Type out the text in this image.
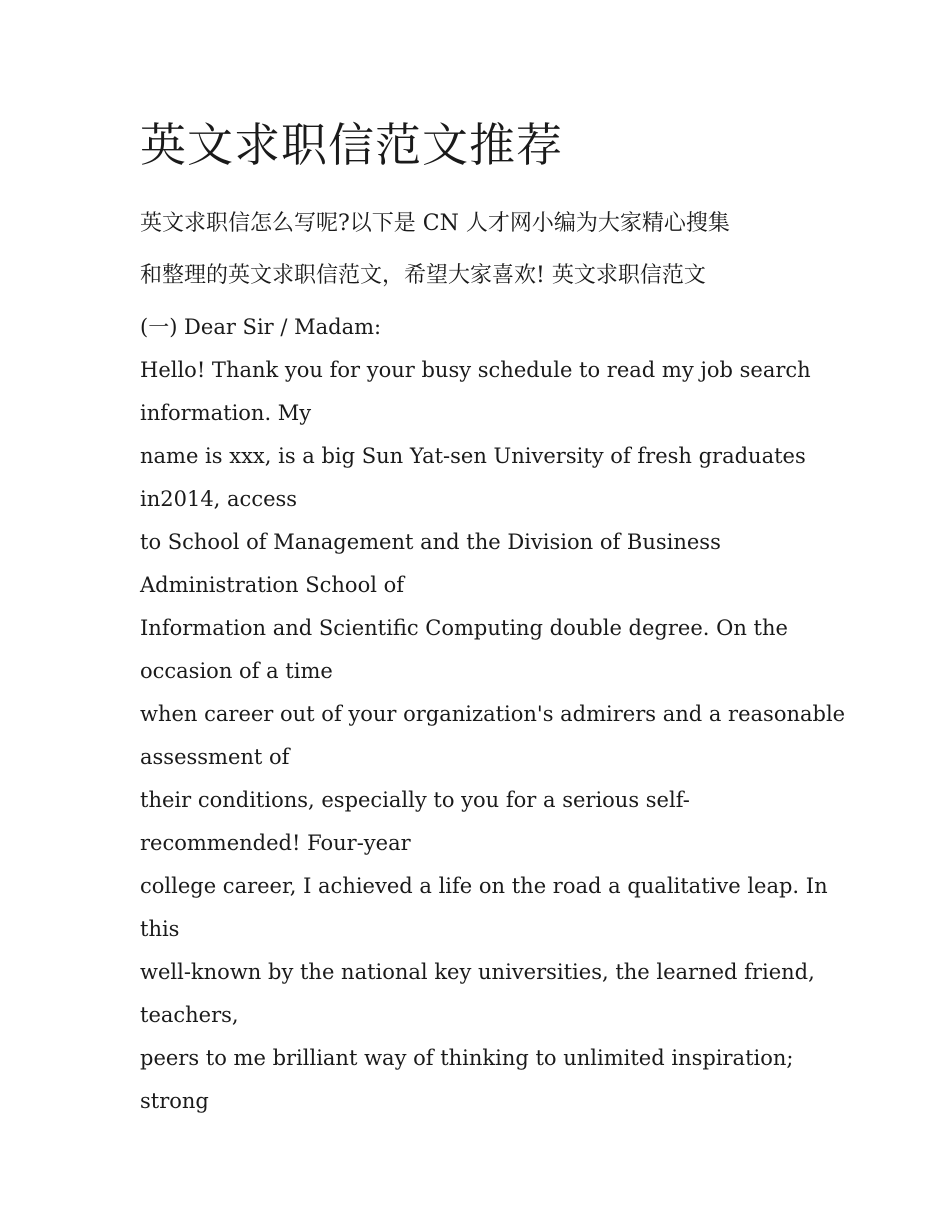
英文求职信范文推荐

英文求职信怎么写呢?以下是 CN 人才网小编为大家精心搜集

和整理的英文求职信范文，希望大家喜欢! 英文求职信范文

(一) Dear Sir / Madam:
Hello! Thank you for your busy schedule to read my job search
information. My
name is xxx, is a big Sun Yat-sen University of fresh graduates
in2014, access
to School of Management and the Division of Business
Administration School of
Information and Scientific Computing double degree. On the
occasion of a time
when career out of your organization's admirers and a reasonable
assessment of
their conditions, especially to you for a serious self-
recommended! Four-year
college career, I achieved a life on the road a qualitative leap. In
this
well-known by the national key universities, the learned friend,
teachers,
peers to me brilliant way of thinking to unlimited inspiration;
strong
